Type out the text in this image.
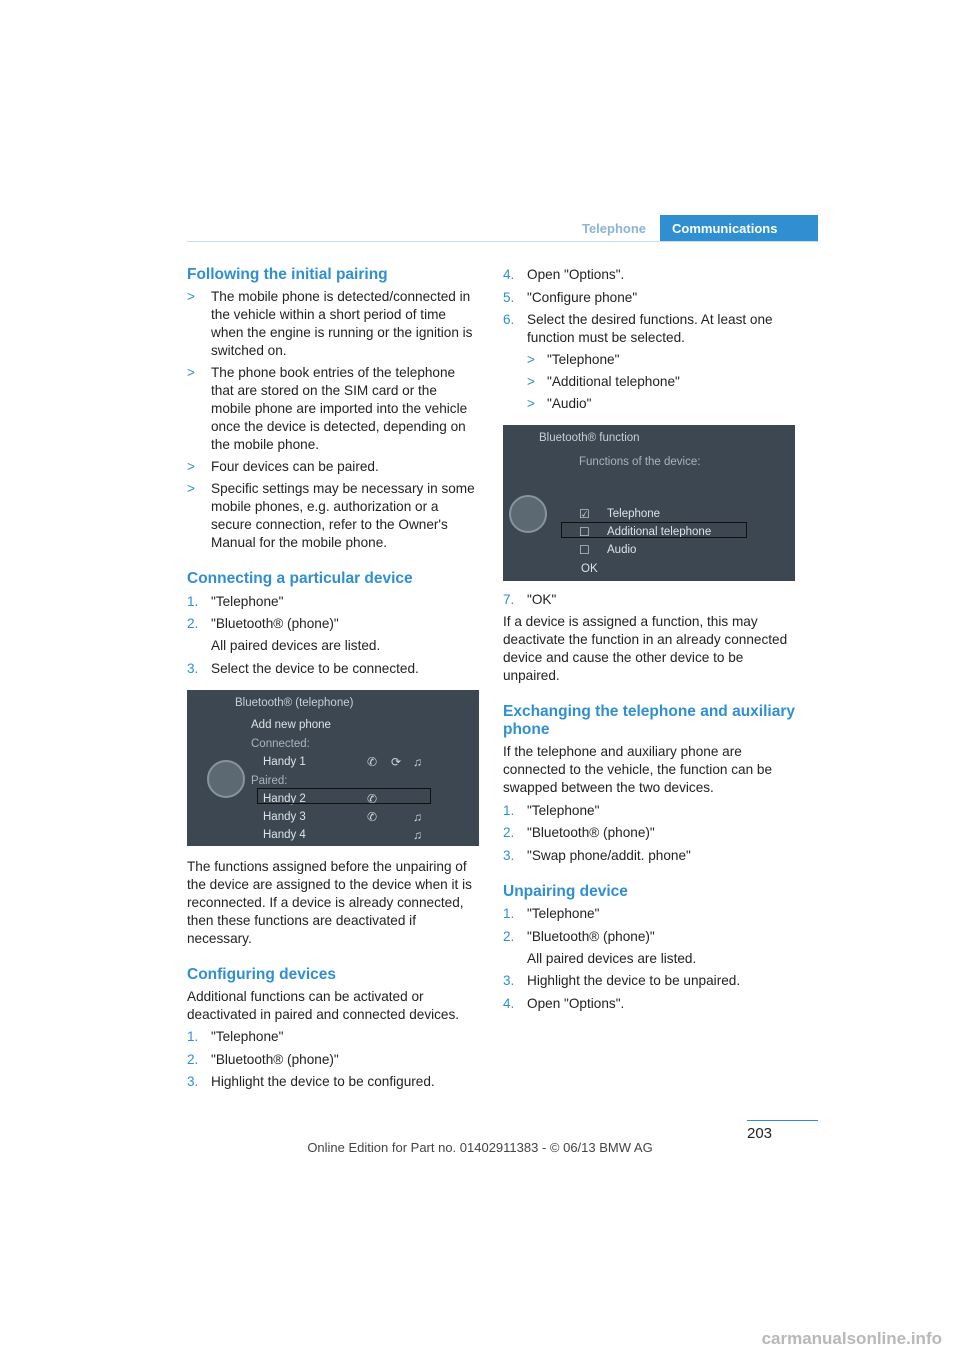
Telephone	Communications
Following the initial pairing
> The mobile phone is detected/connected in the vehicle within a short period of time when the engine is running or the ignition is switched on.
> The phone book entries of the telephone that are stored on the SIM card or the mobile phone are imported into the vehicle once the device is detected, depending on the mobile phone.
> Four devices can be paired.
> Specific settings may be necessary in some mobile phones, e.g. authorization or a secure connection, refer to the Owner's Manual for the mobile phone.
Connecting a particular device
1. "Telephone"
2. "Bluetooth® (phone)"
All paired devices are listed.
3. Select the device to be connected.
Bluetooth® (telephone)
Add new phone
Connected:
Handy 1
Paired:
Handy 2
Handy 3
Handy 4
✆ ⟳ ♫
✆
✆	♫
♫

The functions assigned before the unpairing of the device are assigned to the device when it is reconnected. If a device is already connected, then these functions are deactivated if necessary.

Configuring devices

Additional functions can be activated or deactivated in paired and connected devices.

1. "Telephone"
2. "Bluetooth® (phone)"
3. Highlight the device to be configured.
4. Open "Options".
5. "Configure phone"
6. Select the desired functions. At least one function must be selected.
> "Telephone"
> "Additional telephone"
> "Audio"
Bluetooth® function
Functions of the device:
☑
☐
☐
Telephone
Additional telephone
Audio
OK
7. "OK"

If a device is assigned a function, this may deactivate the function in an already connected device and cause the other device to be unpaired.

Exchanging the telephone and auxiliary phone

If the telephone and auxiliary phone are connected to the vehicle, the function can be swapped between the two devices.

1. "Telephone"
2. "Bluetooth® (phone)"
3. "Swap phone/addit. phone"
Unpairing device
1. "Telephone"
2. "Bluetooth® (phone)"
All paired devices are listed.
3. Highlight the device to be unpaired.
4. Open "Options".
203
Online Edition for Part no. 01402911383 - © 06/13 BMW AG
carmanualsonline.info
